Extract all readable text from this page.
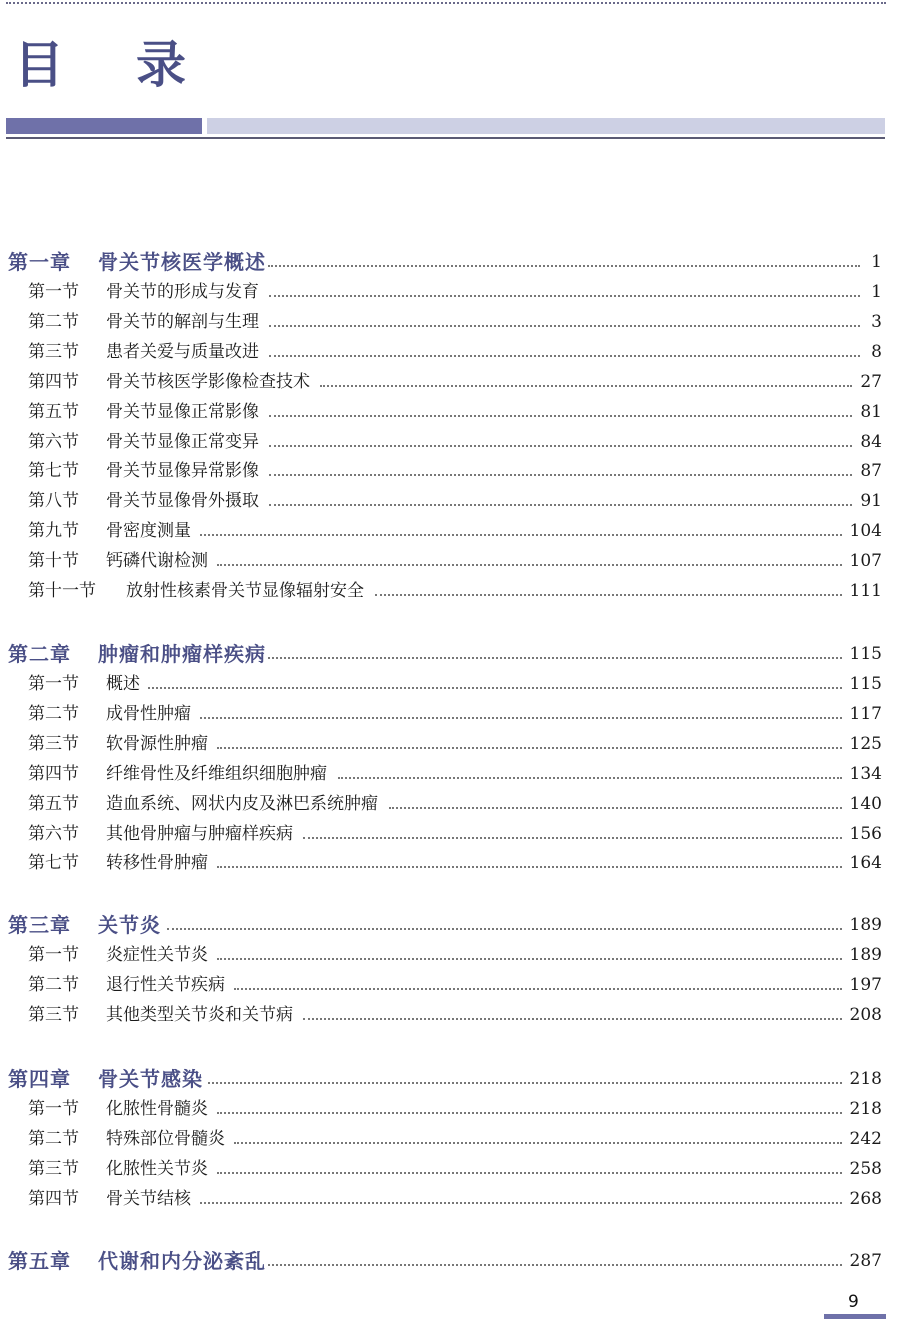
目 录
第一章 骨关节核医学概述	1
第一节 骨关节的形成与发育	1
第二节 骨关节的解剖与生理	3
第三节 患者关爱与质量改进	8
第四节 骨关节核医学影像检查技术	27
第五节 骨关节显像正常影像	81
第六节 骨关节显像正常变异	84
第七节 骨关节显像异常影像	87
第八节 骨关节显像骨外摄取	91
第九节 骨密度测量	104
第十节 钙磷代谢检测	107
第十一节 放射性核素骨关节显像辐射安全	111
第二章 肿瘤和肿瘤样疾病	115
第一节 概述	115
第二节 成骨性肿瘤	117
第三节 软骨源性肿瘤	125
第四节 纤维骨性及纤维组织细胞肿瘤	134
第五节 造血系统、网状内皮及淋巴系统肿瘤	140
第六节 其他骨肿瘤与肿瘤样疾病	156
第七节 转移性骨肿瘤	164
第三章 关节炎	189
第一节 炎症性关节炎	189
第二节 退行性关节疾病	197
第三节 其他类型关节炎和关节病	208
第四章 骨关节感染	218
第一节 化脓性骨髓炎	218
第二节 特殊部位骨髓炎	242
第三节 化脓性关节炎	258
第四节 骨关节结核	268
第五章 代谢和内分泌紊乱	287

9
